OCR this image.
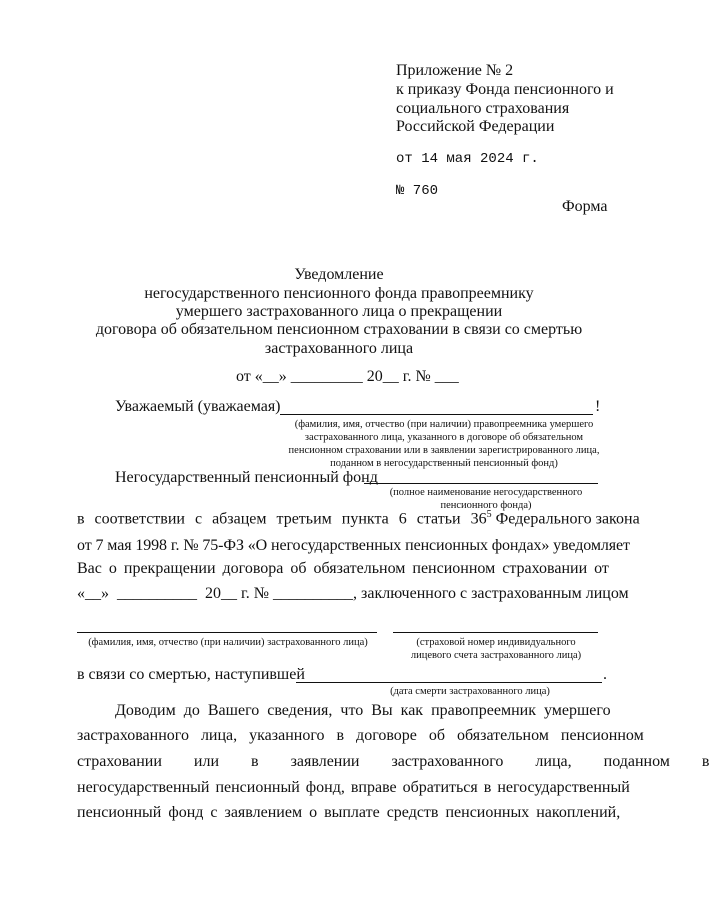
Приложение № 2
к приказу Фонда пенсионного и
социального страхования
Российской Федерации
от 14 мая 2024 г.
№ 760
Форма
Уведомление
негосударственного пенсионного фонда правопреемнику
умершего застрахованного лица о прекращении
договора об обязательном пенсионном страховании в связи со смертью
застрахованного лица
от «__» _________ 20__ г. № ___
Уважаемый (уважаемая)	!
(фамилия, имя, отчество (при наличии) правопреемника умершего застрахованного лица, указанного в договоре об обязательном пенсионном страховании или в заявлении зарегистрированного лица, поданном в негосударственный пенсионный фонд)
Негосударственный пенсионный фонд
(полное наименование негосударственного пенсионного фонда)
в соответствии с абзацем третьим пункта 6 статьи $36^5$ Федерального закона
от 7 мая 1998 г. № 75-ФЗ «О негосударственных пенсионных фондах» уведомляет
Вас о прекращении договора об обязательном пенсионном страховании от
«__»  __________  20__ г. № __________, заключенного с застрахованным лицом
(фамилия, имя, отчество (при наличии) застрахованного лица)	(страховой номер индивидуального лицевого счета застрахованного лица)
в связи со смертью, наступившей	.
(дата смерти застрахованного лица)
Доводим до Вашего сведения, что Вы как правопреемник умершего
застрахованного лица, указанного в договоре об обязательном пенсионном
страховании или в заявлении застрахованного лица, поданном в
негосударственный пенсионный фонд, вправе обратиться в негосударственный
пенсионный фонд с заявлением о выплате средств пенсионных накоплений,
